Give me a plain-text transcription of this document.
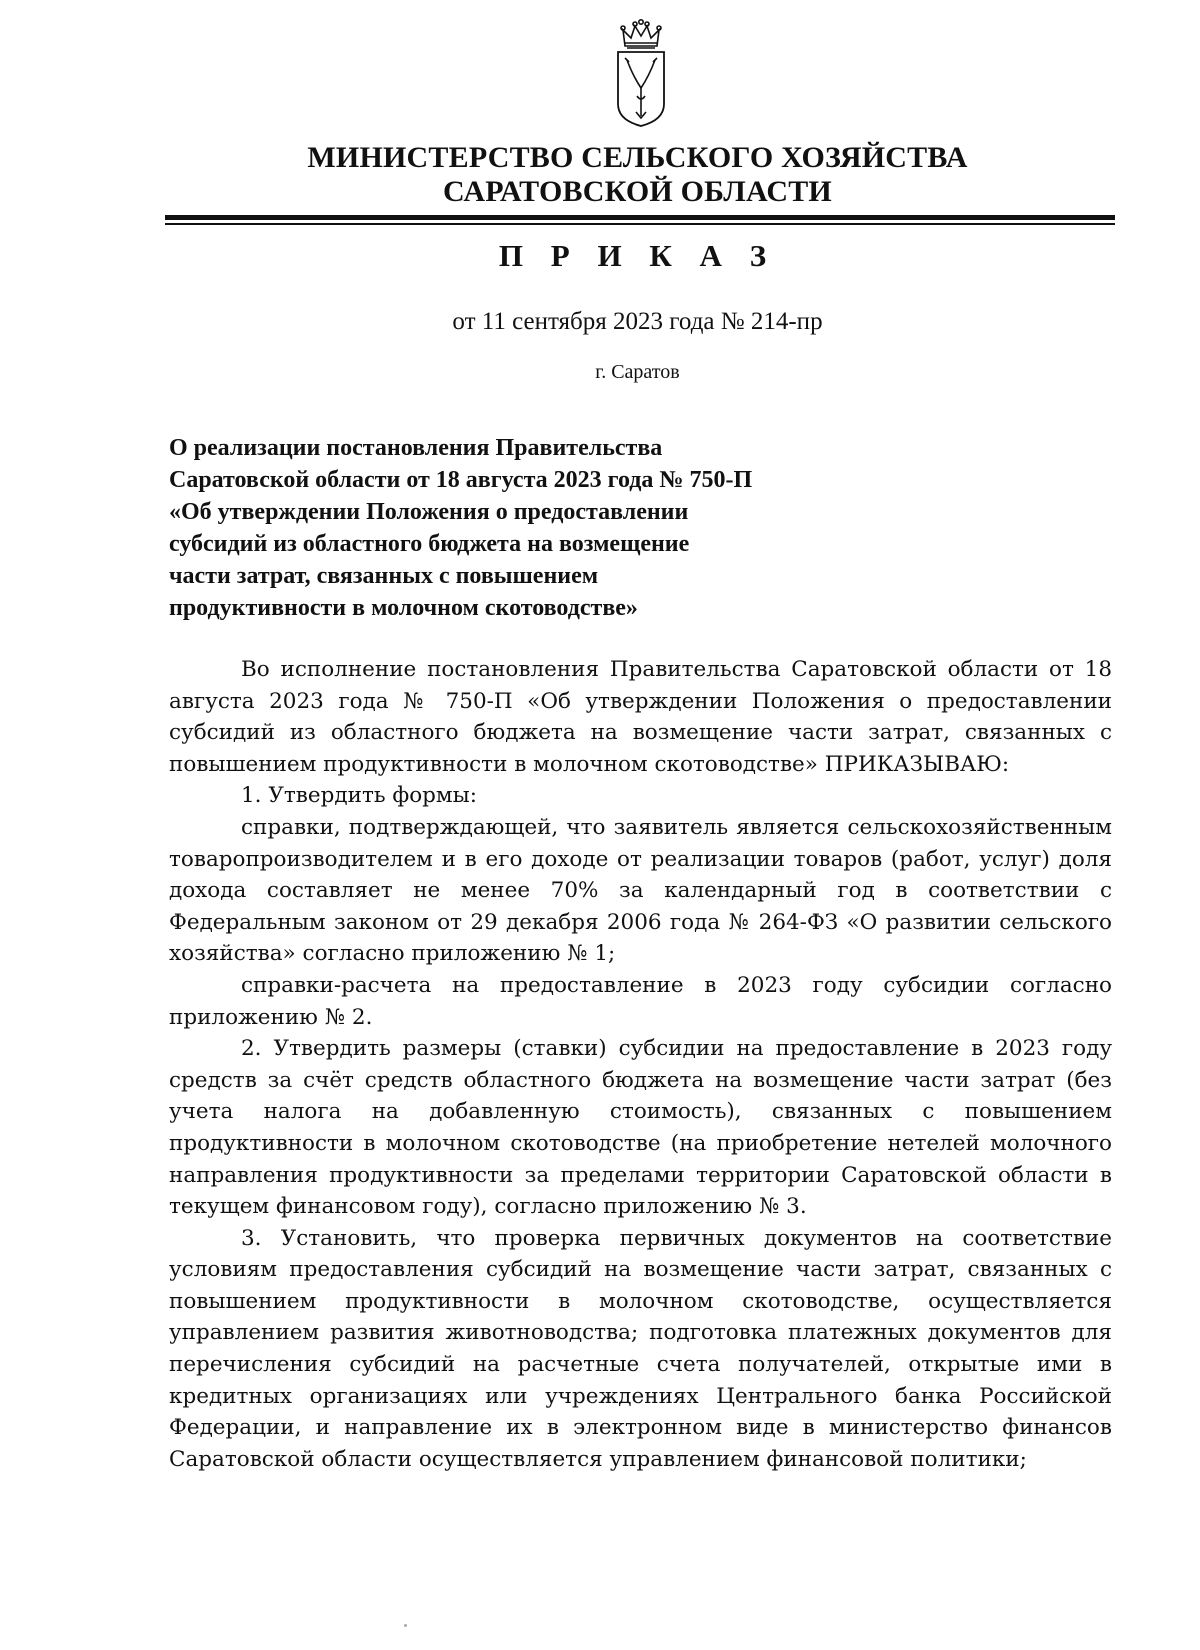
МИНИСТЕРСТВО СЕЛЬСКОГО ХОЗЯЙСТВА
САРАТОВСКОЙ ОБЛАСТИ
П Р И К А З
от 11 сентября 2023 года № 214-пр
г. Саратов
О реализации постановления Правительства
Саратовской области от 18 августа 2023 года № 750-П
«Об утверждении Положения о предоставлении
субсидий из областного бюджета на возмещение
части затрат, связанных с повышением
продуктивности в молочном скотоводстве»
Во исполнение постановления Правительства Саратовской области от 18 августа 2023 года № 750-П «Об утверждении Положения о предоставлении субсидий из областного бюджета на возмещение части затрат, связанных с повышением продуктивности в молочном скотоводстве» ПРИКАЗЫВАЮ:
1. Утвердить формы:
справки, подтверждающей, что заявитель является сельскохозяйственным товаропроизводителем и в его доходе от реализации товаров (работ, услуг) доля дохода составляет не менее 70% за календарный год в соответствии с Федеральным законом от 29 декабря 2006 года № 264-ФЗ «О развитии сельского хозяйства» согласно приложению № 1;
справки-расчета на предоставление в 2023 году субсидии согласно приложению № 2.
2. Утвердить размеры (ставки) субсидии на предоставление в 2023 году средств за счёт средств областного бюджета на возмещение части затрат (без учета налога на добавленную стоимость), связанных с повышением продуктивности в молочном скотоводстве (на приобретение нетелей молочного направления продуктивности за пределами территории Саратовской области в текущем финансовом году), согласно приложению № 3.
3. Установить, что проверка первичных документов на соответствие условиям предоставления субсидий на возмещение части затрат, связанных с повышением продуктивности в молочном скотоводстве, осуществляется управлением развития животноводства; подготовка платежных документов для перечисления субсидий на расчетные счета получателей, открытые ими в кредитных организациях или учреждениях Центрального банка Российской Федерации, и направление их в электронном виде в министерство финансов Саратовской области осуществляется управлением финансовой политики;
